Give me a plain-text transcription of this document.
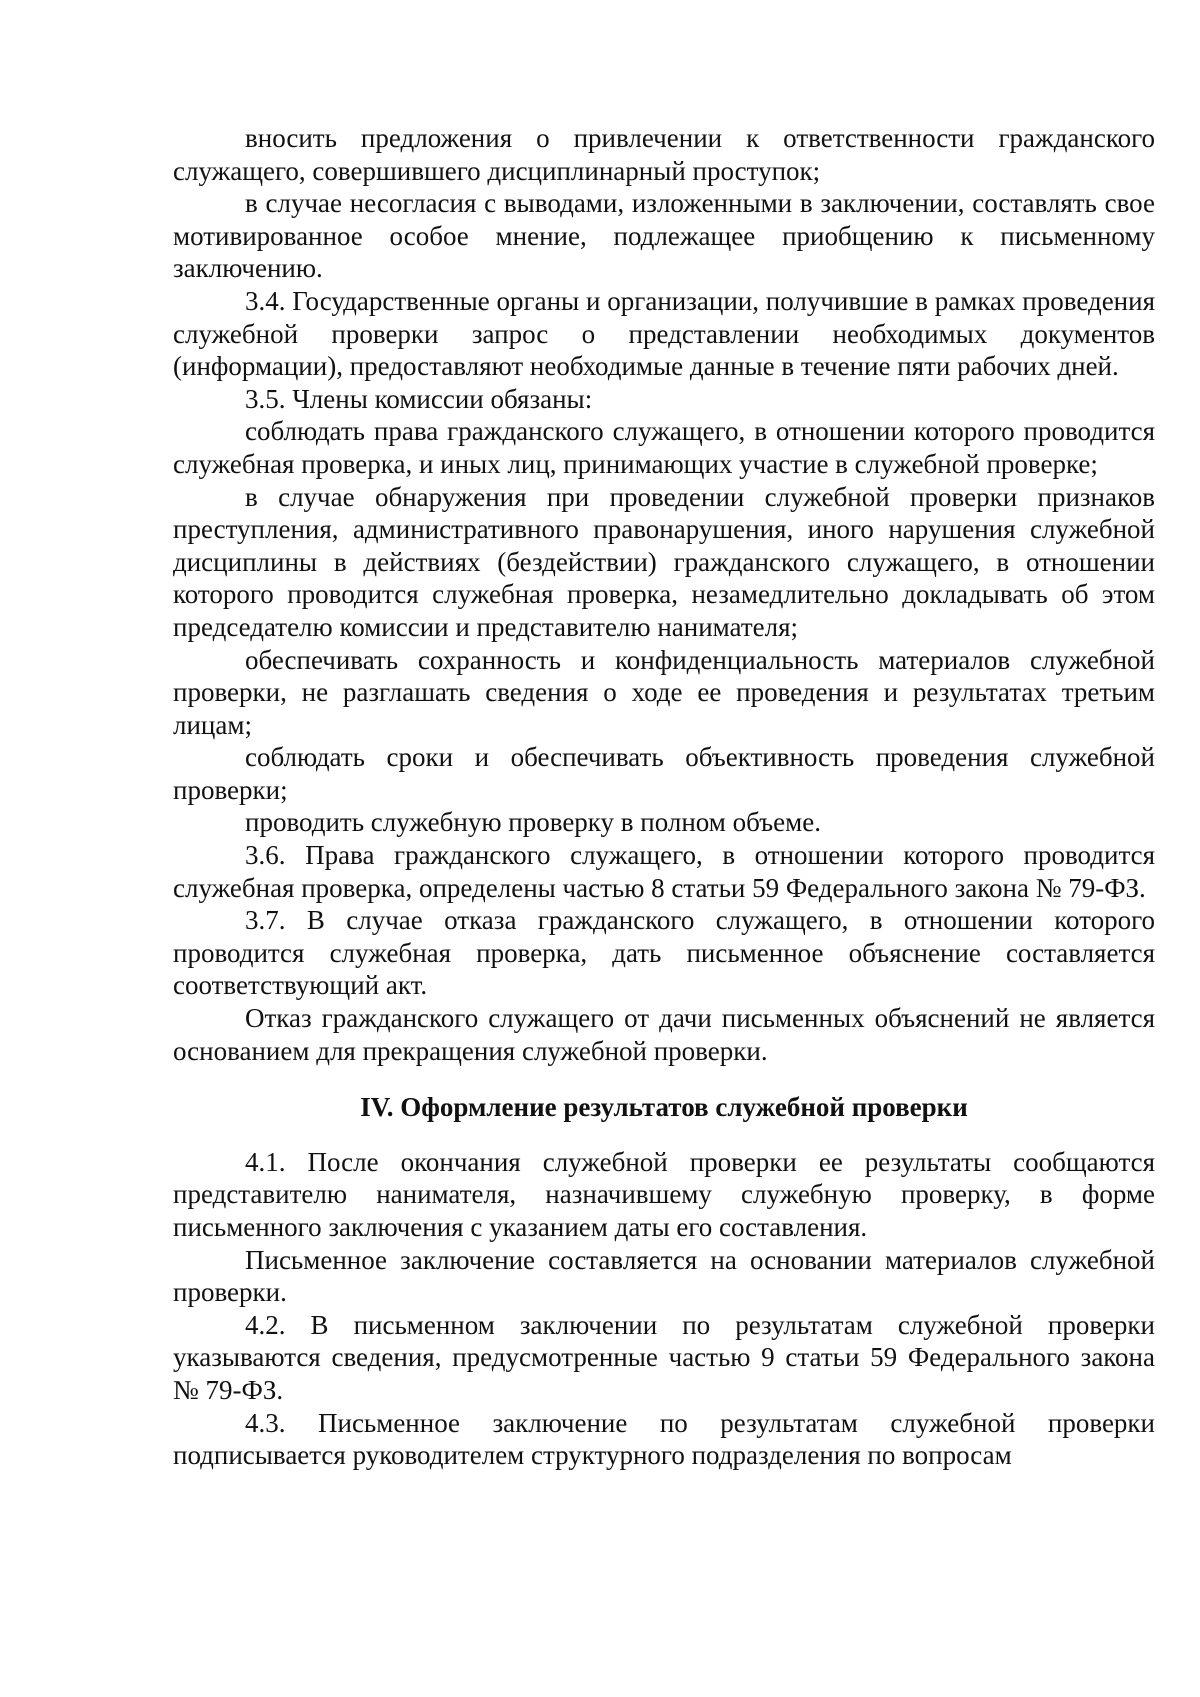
вносить предложения о привлечении к ответственности гражданского служащего, совершившего дисциплинарный проступок;

в случае несогласия с выводами, изложенными в заключении, составлять свое мотивированное особое мнение, подлежащее приобщению к письменному заключению.

3.4. Государственные органы и организации, получившие в рамках проведения служебной проверки запрос о представлении необходимых документов (информации), предоставляют необходимые данные в течение пяти рабочих дней.

3.5. Члены комиссии обязаны:

соблюдать права гражданского служащего, в отношении которого проводится служебная проверка, и иных лиц, принимающих участие в служебной проверке;

в случае обнаружения при проведении служебной проверки признаков преступления, административного правонарушения, иного нарушения служебной дисциплины в действиях (бездействии) гражданского служащего, в отношении которого проводится служебная проверка, незамедлительно докладывать об этом председателю комиссии и представителю нанимателя;

обеспечивать сохранность и конфиденциальность материалов служебной проверки, не разглашать сведения о ходе ее проведения и результатах третьим лицам;

соблюдать сроки и обеспечивать объективность проведения служебной проверки;

проводить служебную проверку в полном объеме.

3.6. Права гражданского служащего, в отношении которого проводится служебная проверка, определены частью 8 статьи 59 Федерального закона № 79-ФЗ.

3.7. В случае отказа гражданского служащего, в отношении которого проводится служебная проверка, дать письменное объяснение составляется соответствующий акт.

Отказ гражданского служащего от дачи письменных объяснений не является основанием для прекращения служебной проверки.

IV. Оформление результатов служебной проверки

4.1. После окончания служебной проверки ее результаты сообщаются представителю нанимателя, назначившему служебную проверку, в форме письменного заключения с указанием даты его составления.

Письменное заключение составляется на основании материалов служебной проверки.

4.2. В письменном заключении по результатам служебной проверки указываются сведения, предусмотренные частью 9 статьи 59 Федерального закона № 79-ФЗ.

4.3. Письменное заключение по результатам служебной проверки подписывается руководителем структурного подразделения по вопросам
